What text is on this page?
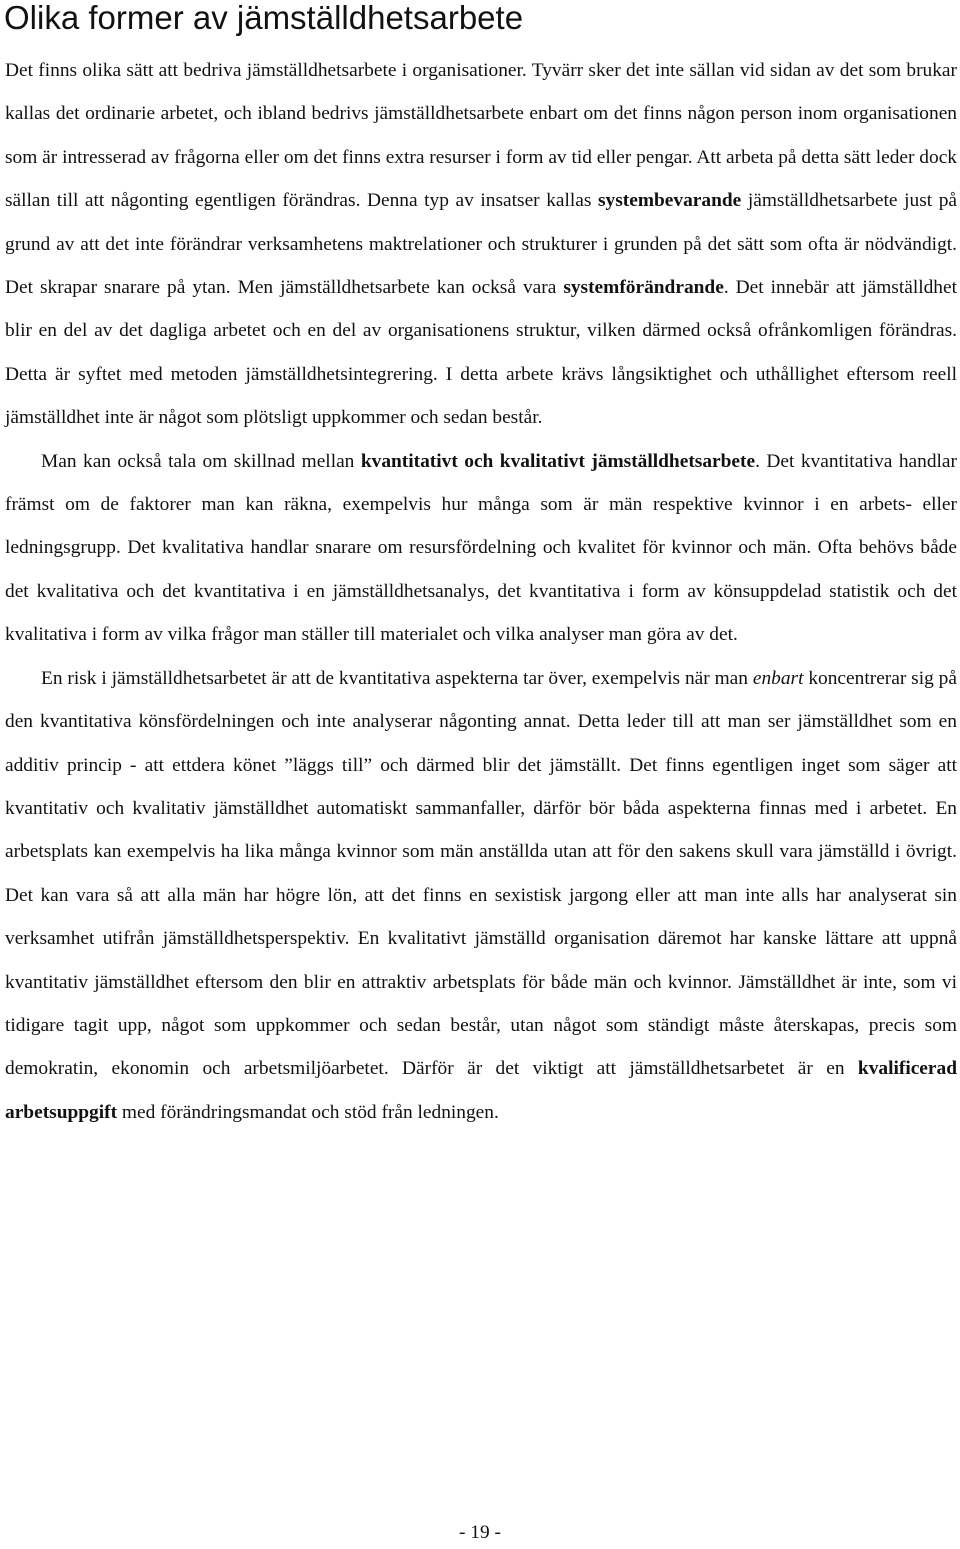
Olika former av jämställdhetsarbete

Det finns olika sätt att bedriva jämställdhetsarbete i organisationer. Tyvärr sker det inte sällan vid sidan av det som brukar kallas det ordinarie arbetet, och ibland bedrivs jämställdhetsarbete enbart om det finns någon person inom organisationen som är intresserad av frågorna eller om det finns extra resurser i form av tid eller pengar. Att arbeta på detta sätt leder dock sällan till att någonting egentligen förändras. Denna typ av insatser kallas systembevarande jämställdhetsarbete just på grund av att det inte förändrar verksamhetens maktrelationer och strukturer i grunden på det sätt som ofta är nödvändigt. Det skrapar snarare på ytan. Men jämställdhetsarbete kan också vara systemförändrande. Det innebär att jämställdhet blir en del av det dagliga arbetet och en del av organisationens struktur, vilken därmed också ofrånkomligen förändras. Detta är syftet med metoden jämställdhetsintegrering. I detta arbete krävs långsiktighet och uthållighet eftersom reell jämställdhet inte är något som plötsligt uppkommer och sedan består.

Man kan också tala om skillnad mellan kvantitativt och kvalitativt jämställdhetsarbete. Det kvantitativa handlar främst om de faktorer man kan räkna, exempelvis hur många som är män respektive kvinnor i en arbets- eller ledningsgrupp. Det kvalitativa handlar snarare om resursfördelning och kvalitet för kvinnor och män. Ofta behövs både det kvalitativa och det kvantitativa i en jämställdhetsanalys, det kvantitativa i form av könsuppdelad statistik och det kvalitativa i form av vilka frågor man ställer till materialet och vilka analyser man göra av det.

En risk i jämställdhetsarbetet är att de kvantitativa aspekterna tar över, exempelvis när man enbart koncentrerar sig på den kvantitativa könsfördelningen och inte analyserar någonting annat. Detta leder till att man ser jämställdhet som en additiv princip - att ettdera könet ”läggs till” och därmed blir det jämställt. Det finns egentligen inget som säger att kvantitativ och kvalitativ jämställdhet automatiskt sammanfaller, därför bör båda aspekterna finnas med i arbetet. En arbetsplats kan exempelvis ha lika många kvinnor som män anställda utan att för den sakens skull vara jämställd i övrigt. Det kan vara så att alla män har högre lön, att det finns en sexistisk jargong eller att man inte alls har analyserat sin verksamhet utifrån jämställdhetsperspektiv. En kvalitativt jämställd organisation däremot har kanske lättare att uppnå kvantitativ jämställdhet eftersom den blir en attraktiv arbetsplats för både män och kvinnor. Jämställdhet är inte, som vi tidigare tagit upp, något som uppkommer och sedan består, utan något som ständigt måste återskapas, precis som demokratin, ekonomin och arbetsmiljöarbetet. Därför är det viktigt att jämställdhetsarbetet är en kvalificerad arbetsuppgift med förändringsmandat och stöd från ledningen.

- 19 -
